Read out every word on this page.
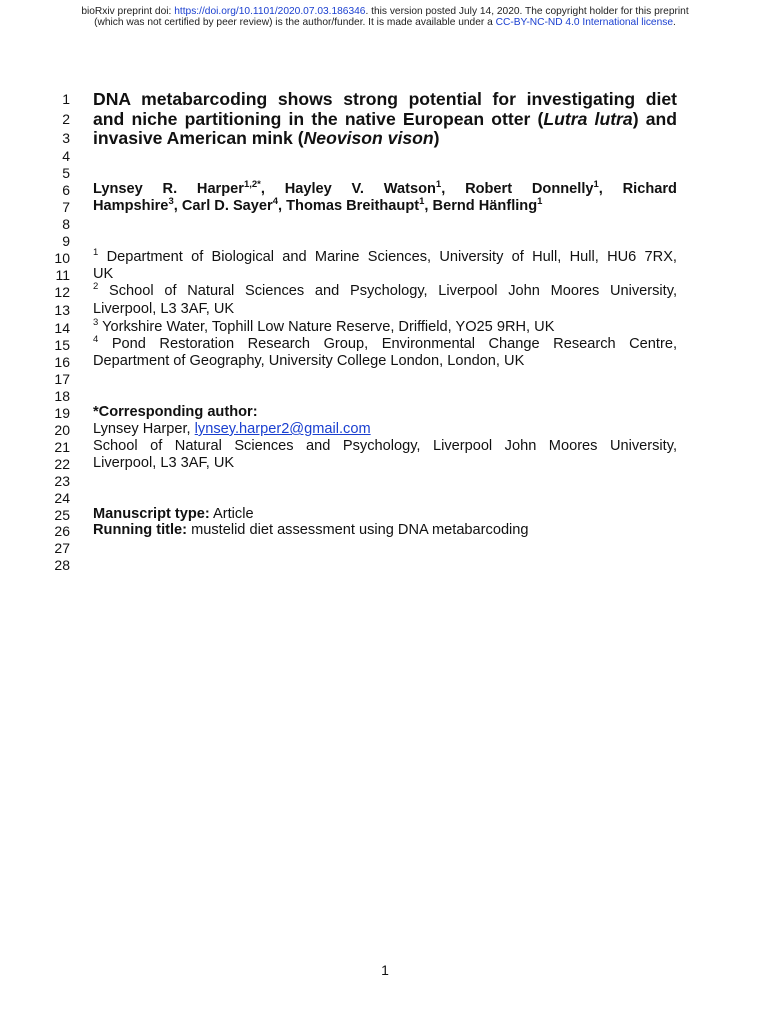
bioRxiv preprint doi: https://doi.org/10.1101/2020.07.03.186346. this version posted July 14, 2020. The copyright holder for this preprint
(which was not certified by peer review) is the author/funder. It is made available under a CC-BY-NC-ND 4.0 International license.
1
2
3
4
5
6
7
8
9
10
11
12
13
14
15
16
17
18
19
20
21
22
23
24
25
26
27
28
DNA metabarcoding shows strong potential for investigating diet
and niche partitioning in the native European otter (Lutra lutra) and
invasive American mink (Neovison vison)
Lynsey R. Harper$^{1,2*}$, Hayley V. Watson$^1$, Robert Donnelly$^1$, Richard
Hampshire$^3$, Carl D. Sayer$^4$, Thomas Breithaupt$^1$, Bernd Hänfling$^1$
$^1$ Department of Biological and Marine Sciences, University of Hull, Hull, HU6 7RX,
UK
$^2$ School of Natural Sciences and Psychology, Liverpool John Moores University,
Liverpool, L3 3AF, UK
$^3$ Yorkshire Water, Tophill Low Nature Reserve, Driffield, YO25 9RH, UK
$^4$ Pond Restoration Research Group, Environmental Change Research Centre,
Department of Geography, University College London, London, UK
*Corresponding author:
Lynsey Harper, lynsey.harper2@gmail.com
School of Natural Sciences and Psychology, Liverpool John Moores University,
Liverpool, L3 3AF, UK
Manuscript type: Article
Running title: mustelid diet assessment using DNA metabarcoding
1
